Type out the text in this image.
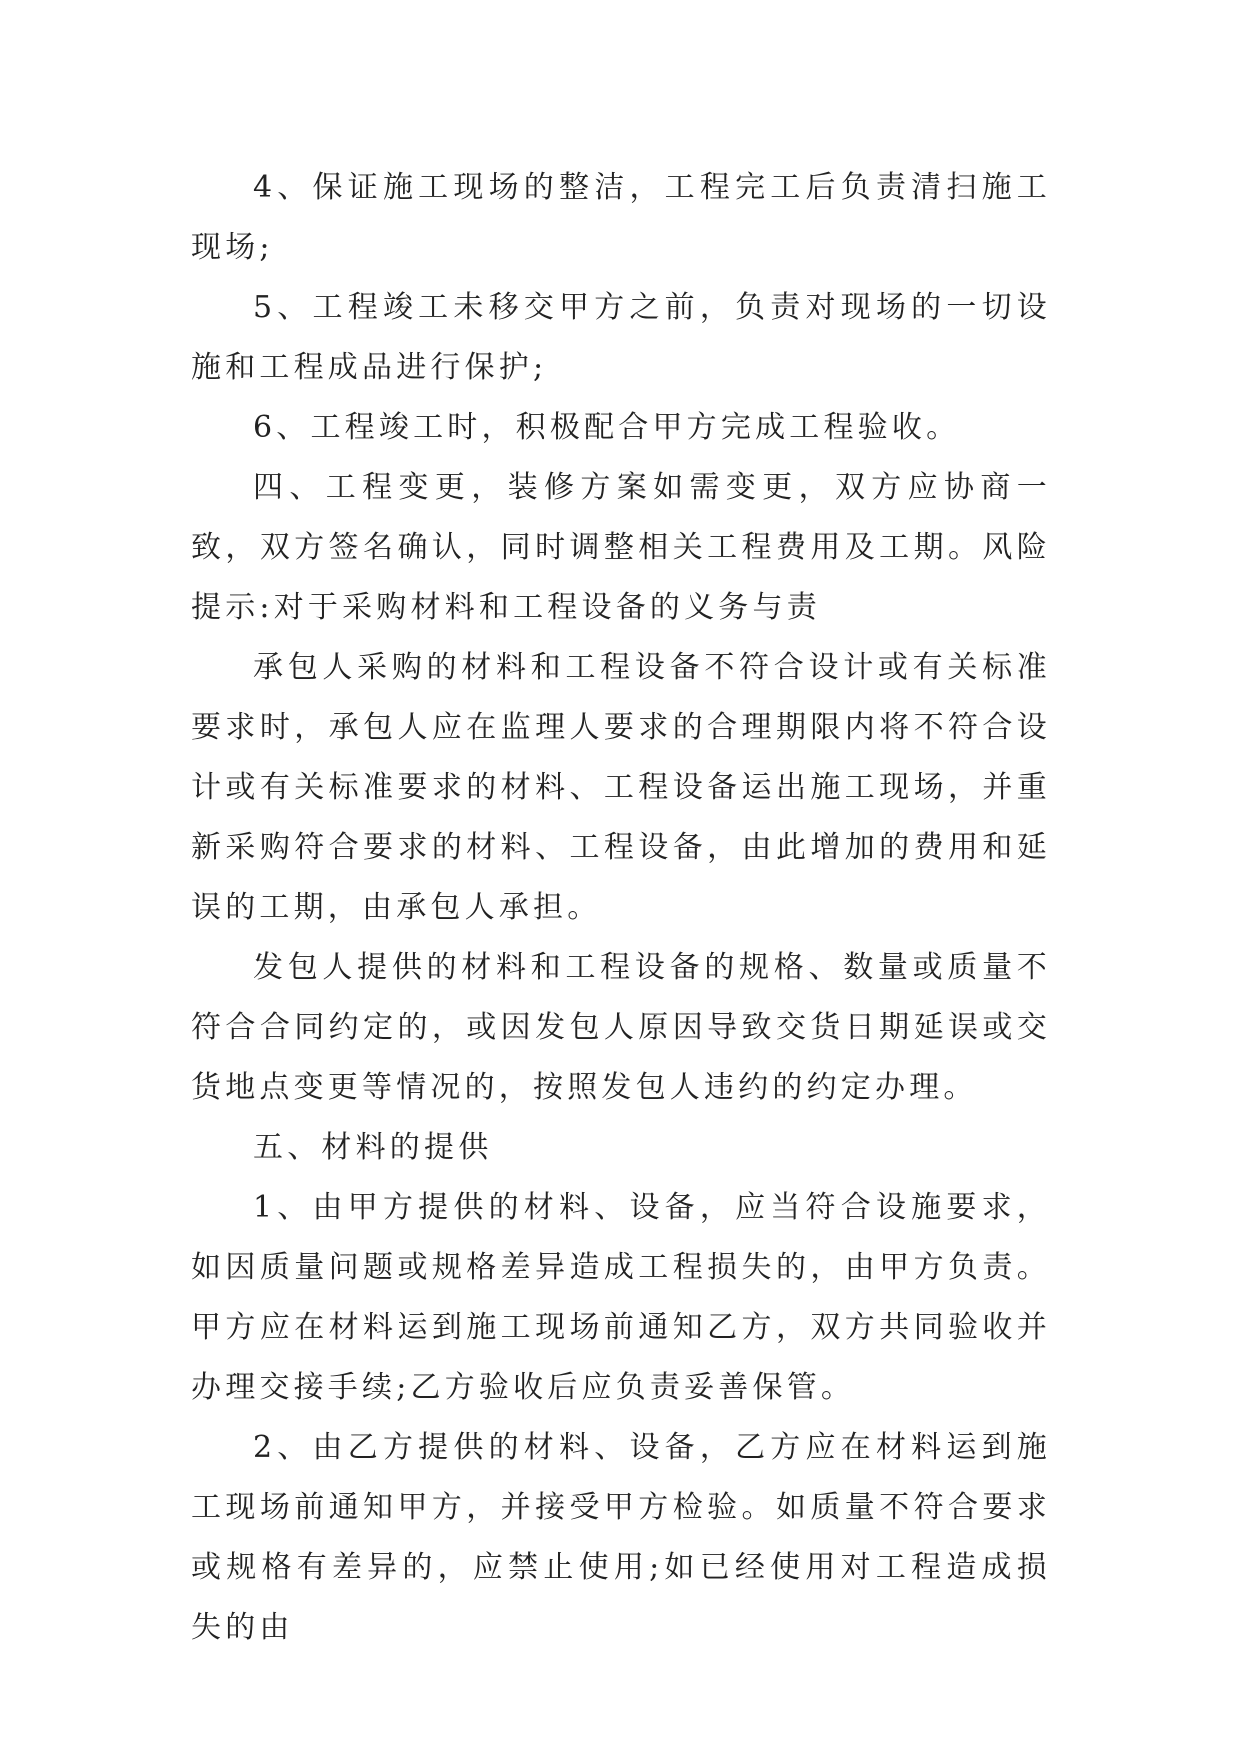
4、保证施工现场的整洁，工程完工后负责清扫施工现场;

5、工程竣工未移交甲方之前，负责对现场的一切设施和工程成品进行保护;

6、工程竣工时，积极配合甲方完成工程验收。

四、工程变更，装修方案如需变更，双方应协商一致，双方签名确认，同时调整相关工程费用及工期。风险提示:对于采购材料和工程设备的义务与责

承包人采购的材料和工程设备不符合设计或有关标准要求时，承包人应在监理人要求的合理期限内将不符合设计或有关标准要求的材料、工程设备运出施工现场，并重新采购符合要求的材料、工程设备，由此增加的费用和延误的工期，由承包人承担。

发包人提供的材料和工程设备的规格、数量或质量不符合合同约定的，或因发包人原因导致交货日期延误或交货地点变更等情况的，按照发包人违约的约定办理。

五、材料的提供

1、由甲方提供的材料、设备，应当符合设施要求，如因质量问题或规格差异造成工程损失的，由甲方负责。甲方应在材料运到施工现场前通知乙方，双方共同验收并办理交接手续;乙方验收后应负责妥善保管。

2、由乙方提供的材料、设备，乙方应在材料运到施工现场前通知甲方，并接受甲方检验。如质量不符合要求或规格有差异的，应禁止使用;如已经使用对工程造成损失的由
